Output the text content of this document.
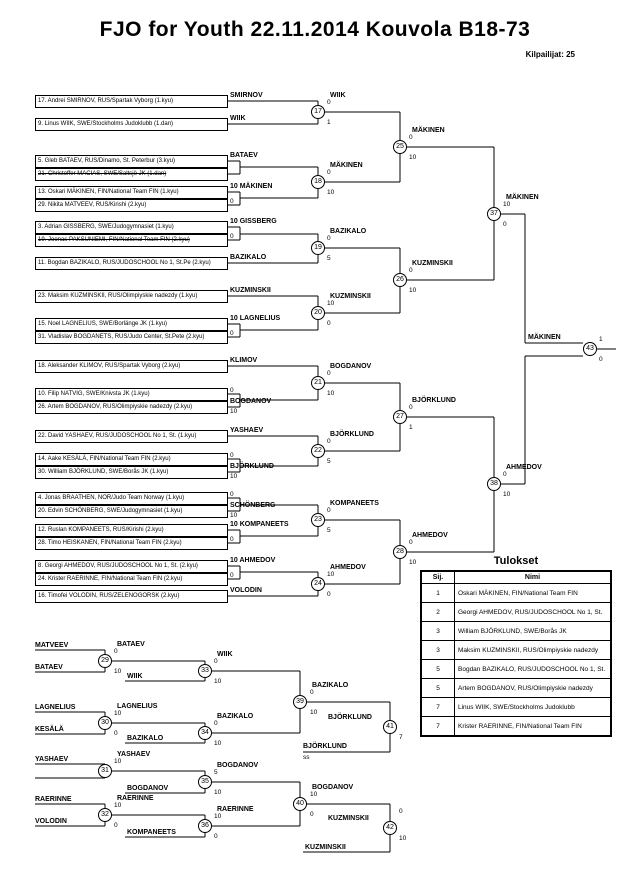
FJO for Youth 22.11.2014 Kouvola B18-73
Kilpailijat: 25
17. Andrei SMIRNOV, RUS/Spartak Vyborg (1.kyu)
9. Linus WIIK, SWE/Stockholms Judoklubb (1.dan)
5. Gleb BATAEV, RUS/Dinamo, St. Peterbur (3.kyu)
21. Christoffer MACIAS, SWE/Saltsjö JK (1.dan)
13. Oskari MÄKINEN, FIN/National Team FIN (1.kyu)
29. Nikita MATVEEV, RUS/Kirishi (2.kyu)
3. Adrian GISSBERG, SWE/Judogymnasiet (1.kyu)
19. Joonas PAKSUNIEMI, FIN/National Team FIN (2.kyu)
11. Bogdan BAZIKALO, RUS/JUDOSCHOOL No 1, St.Pe (2.kyu)
23. Maksim KUZMINSKII, RUS/Olimpiyskie nadezdy (1.kyu)
15. Noel LAGNELIUS, SWE/Borlänge JK (1.kyu)
31. Vladislav BOGDANETS, RUS/Judo Center, St.Pete (2.kyu)
18. Aleksander KLIMOV, RUS/Spartak Vyborg (2.kyu)
10. Filip NATVIG, SWE/Knivsta JK (1.kyu)
26. Artem BOGDANOV, RUS/Olimpiyskie nadezdy (2.kyu)
22. David YASHAEV, RUS/JUDOSCHOOL No 1, St. (1.kyu)
14. Aake KESÄLÄ, FIN/National Team FIN (2.kyu)
30. William BJÖRKLUND, SWE/Borås JK (1.kyu)
4. Jonas BRAATHEN, NOR/Judo Team Norway (1.kyu)
20. Edvin SCHÖNBERG, SWE/Judogymnasiet (1.kyu)
12. Ruslan KOMPANEETS, RUS/Kirishi (2.kyu)
28. Timo HEISKANEN, FIN/National Team FIN (2.kyu)
8. Georgi AHMEDOV, RUS/JUDOSCHOOL No 1, St. (2.kyu)
24. Krister RAERINNE, FIN/National Team FIN (2.kyu)
16. Timofei VOLODIN, RUS/ZELENOGORSK (2.kyu)
SMIRNOV
WIIK
BATAEV
10 MÄKINEN
0
10 GISSBERG
0
BAZIKALO
KUZMINSKII
10 LAGNELIUS
0
KLIMOV
0
BOGDANOV
10
YASHAEV
0
BJÖRKLUND
10
0
SCHÖNBERG
10
10 KOMPANEETS
0
10 AHMEDOV
0
VOLODIN
17
WIIK
0
1
18
MÄKINEN
0
10
19
BAZIKALO
0
5
20
KUZMINSKII
10
0
21
BOGDANOV
0
10
22
BJÖRKLUND
0
5
23
KOMPANEETS
0
5
24
AHMEDOV
10
0
25
MÄKINEN
0
10
26
KUZMINSKII
0
10
27
BJÖRKLUND
0
1
28
AHMEDOV
0
10
37
MÄKINEN
10
0
38
AHMEDOV
0
10
MÄKINEN
43
1
0
MATVEEV
BATAEV
LAGNELIUS
KESÄLÄ
YASHAEV
RAERINNE
VOLODIN
29
BATAEV
0
10
30
LAGNELIUS
10
0
31
YASHAEV
10
32
RAERINNE
10
0
WIIK
BAZIKALO
BOGDANOV
KOMPANEETS
33
WIIK
0
10
34
BAZIKALO
0
10
35
BOGDANOV
5
10
36
RAERINNE
10
0
39
BAZIKALO
0
10
40
BOGDANOV
10
0
BJÖRKLUND
ss
41
BJÖRKLUND
7
KUZMINSKII
42
KUZMINSKII
0
10
Tulokset
Sij.	Nimi
1	Oskari MÄKINEN, FIN/National Team FIN
2	Georgi AHMEDOV, RUS/JUDOSCHOOL No 1, St.
3	William BJÖRKLUND, SWE/Borås JK
3	Maksim KUZMINSKII, RUS/Olimpiyskie nadezdy
5	Bogdan BAZIKALO, RUS/JUDOSCHOOL No 1, St.
5	Artem BOGDANOV, RUS/Olimpiyskie nadezdy
7	Linus WIIK, SWE/Stockholms Judoklubb
7	Krister RAERINNE, FIN/National Team FIN
